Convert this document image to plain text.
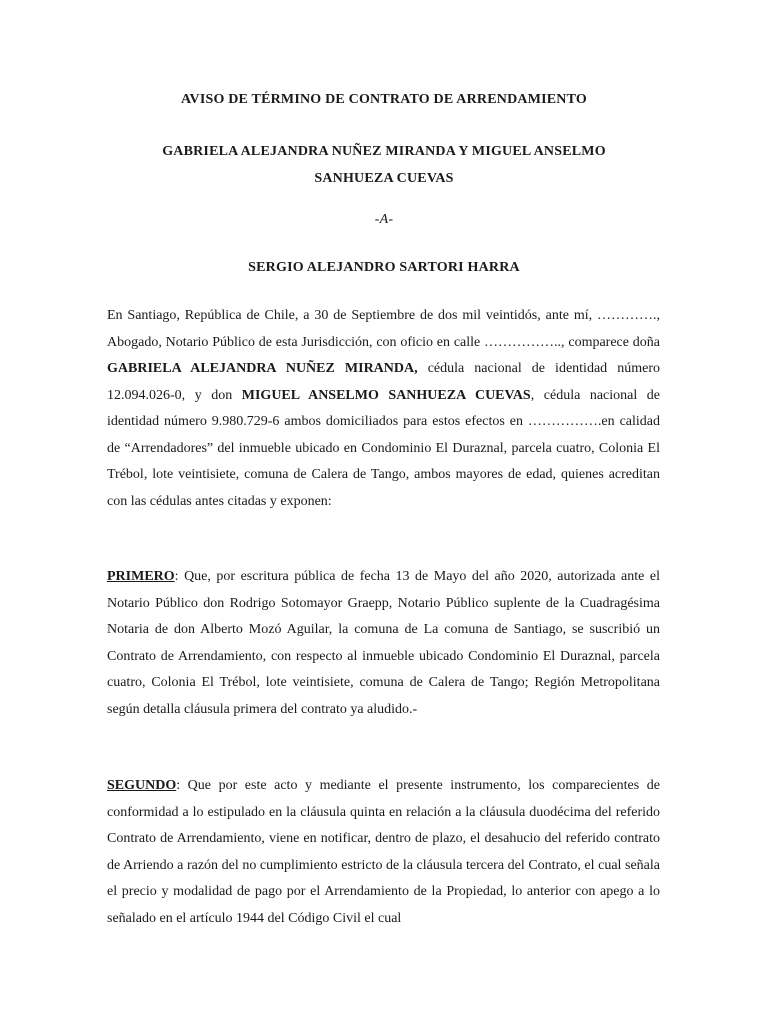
AVISO DE TÉRMINO DE CONTRATO DE ARRENDAMIENTO
GABRIELA ALEJANDRA NUÑEZ MIRANDA Y MIGUEL ANSELMO
SANHUEZA CUEVAS
-A-
SERGIO ALEJANDRO SARTORI HARRA
En Santiago, República de Chile, a 30 de Septiembre de dos mil veintidós, ante mí, …………., Abogado, Notario Público de esta Jurisdicción, con oficio en calle …………….., comparece doña GABRIELA ALEJANDRA NUÑEZ MIRANDA, cédula nacional de identidad número 12.094.026-0, y don MIGUEL ANSELMO SANHUEZA CUEVAS, cédula nacional de identidad número 9.980.729-6 ambos domiciliados para estos efectos en …………….en calidad de “Arrendadores” del inmueble ubicado en Condominio El Duraznal, parcela cuatro, Colonia El Trébol, lote veintisiete, comuna de Calera de Tango, ambos mayores de edad, quienes acreditan con las cédulas antes citadas y exponen:
PRIMERO: Que, por escritura pública de fecha 13 de Mayo del año 2020, autorizada ante el Notario Público don Rodrigo Sotomayor Graepp, Notario Público suplente de la Cuadragésima Notaria de don Alberto Mozó Aguilar, la comuna de La comuna de Santiago, se suscribió un Contrato de Arrendamiento, con respecto al inmueble ubicado Condominio El Duraznal, parcela cuatro, Colonia El Trébol, lote veintisiete, comuna de Calera de Tango; Región Metropolitana según detalla cláusula primera del contrato ya aludido.-
SEGUNDO: Que por este acto y mediante el presente instrumento, los comparecientes de conformidad a lo estipulado en la cláusula quinta en relación a la cláusula duodécima del referido Contrato de Arrendamiento, viene en notificar, dentro de plazo, el desahucio del referido contrato de Arriendo a razón del no cumplimiento estricto de la cláusula tercera del Contrato, el cual señala el precio y modalidad de pago por el Arrendamiento de la Propiedad, lo anterior con apego a lo señalado en el artículo 1944 del Código Civil el cual
